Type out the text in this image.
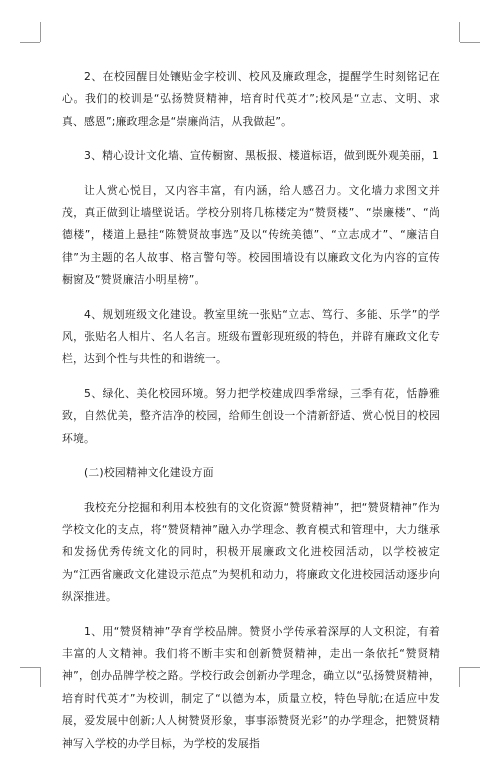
2、在校园醒目处镶贴金字校训、校风及廉政理念，提醒学生时刻铭记在心。我们的校训是“弘扬赞贤精神，培育时代英才”;校风是“立志、文明、求真、感恩”;廉政理念是“崇廉尚洁，从我做起”。

3、精心设计文化墙、宣传橱窗、黑板报、楼道标语，做到既外观美丽，1

让人赏心悦目，又内容丰富，有内涵，给人感召力。文化墙力求图文并茂，真正做到让墙壁说话。学校分别将几栋楼定为“赞贤楼”、“崇廉楼”、“尚德楼”，楼道上悬挂“陈赞贤故事选”及以“传统美德”、“立志成才”、“廉洁自律”为主题的名人故事、格言警句等。校园围墙设有以廉政文化为内容的宣传橱窗及“赞贤廉洁小明星榜”。

4、规划班级文化建设。教室里统一张贴“立志、笃行、多能、乐学”的学风，张贴名人相片、名人名言。班级布置彰现班级的特色，并辟有廉政文化专栏，达到个性与共性的和谐统一。

5、绿化、美化校园环境。努力把学校建成四季常绿，三季有花，恬静雅致，自然优美，整齐洁净的校园，给师生创设一个清新舒适、赏心悦目的校园环境。

(二)校园精神文化建设方面

我校充分挖掘和利用本校独有的文化资源“赞贤精神”，把“赞贤精神”作为学校文化的支点，将“赞贤精神”融入办学理念、教育模式和管理中，大力继承和发扬优秀传统文化的同时，积极开展廉政文化进校园活动，以学校被定为“江西省廉政文化建设示范点”为契机和动力，将廉政文化进校园活动逐步向纵深推进。

1、用“赞贤精神”孕育学校品牌。赞贤小学传承着深厚的人文积淀，有着丰富的人文精神。我们将不断丰实和创新赞贤精神，走出一条依托“赞贤精神”，创办品牌学校之路。学校行政会创新办学理念，确立以“弘扬赞贤精神，培育时代英才”为校训，制定了“以德为本，质量立校，特色导航;在适应中发展，爱发展中创新;人人树赞贤形象，事事添赞贤光彩”的办学理念，把赞贤精神写入学校的办学目标，为学校的发展指
